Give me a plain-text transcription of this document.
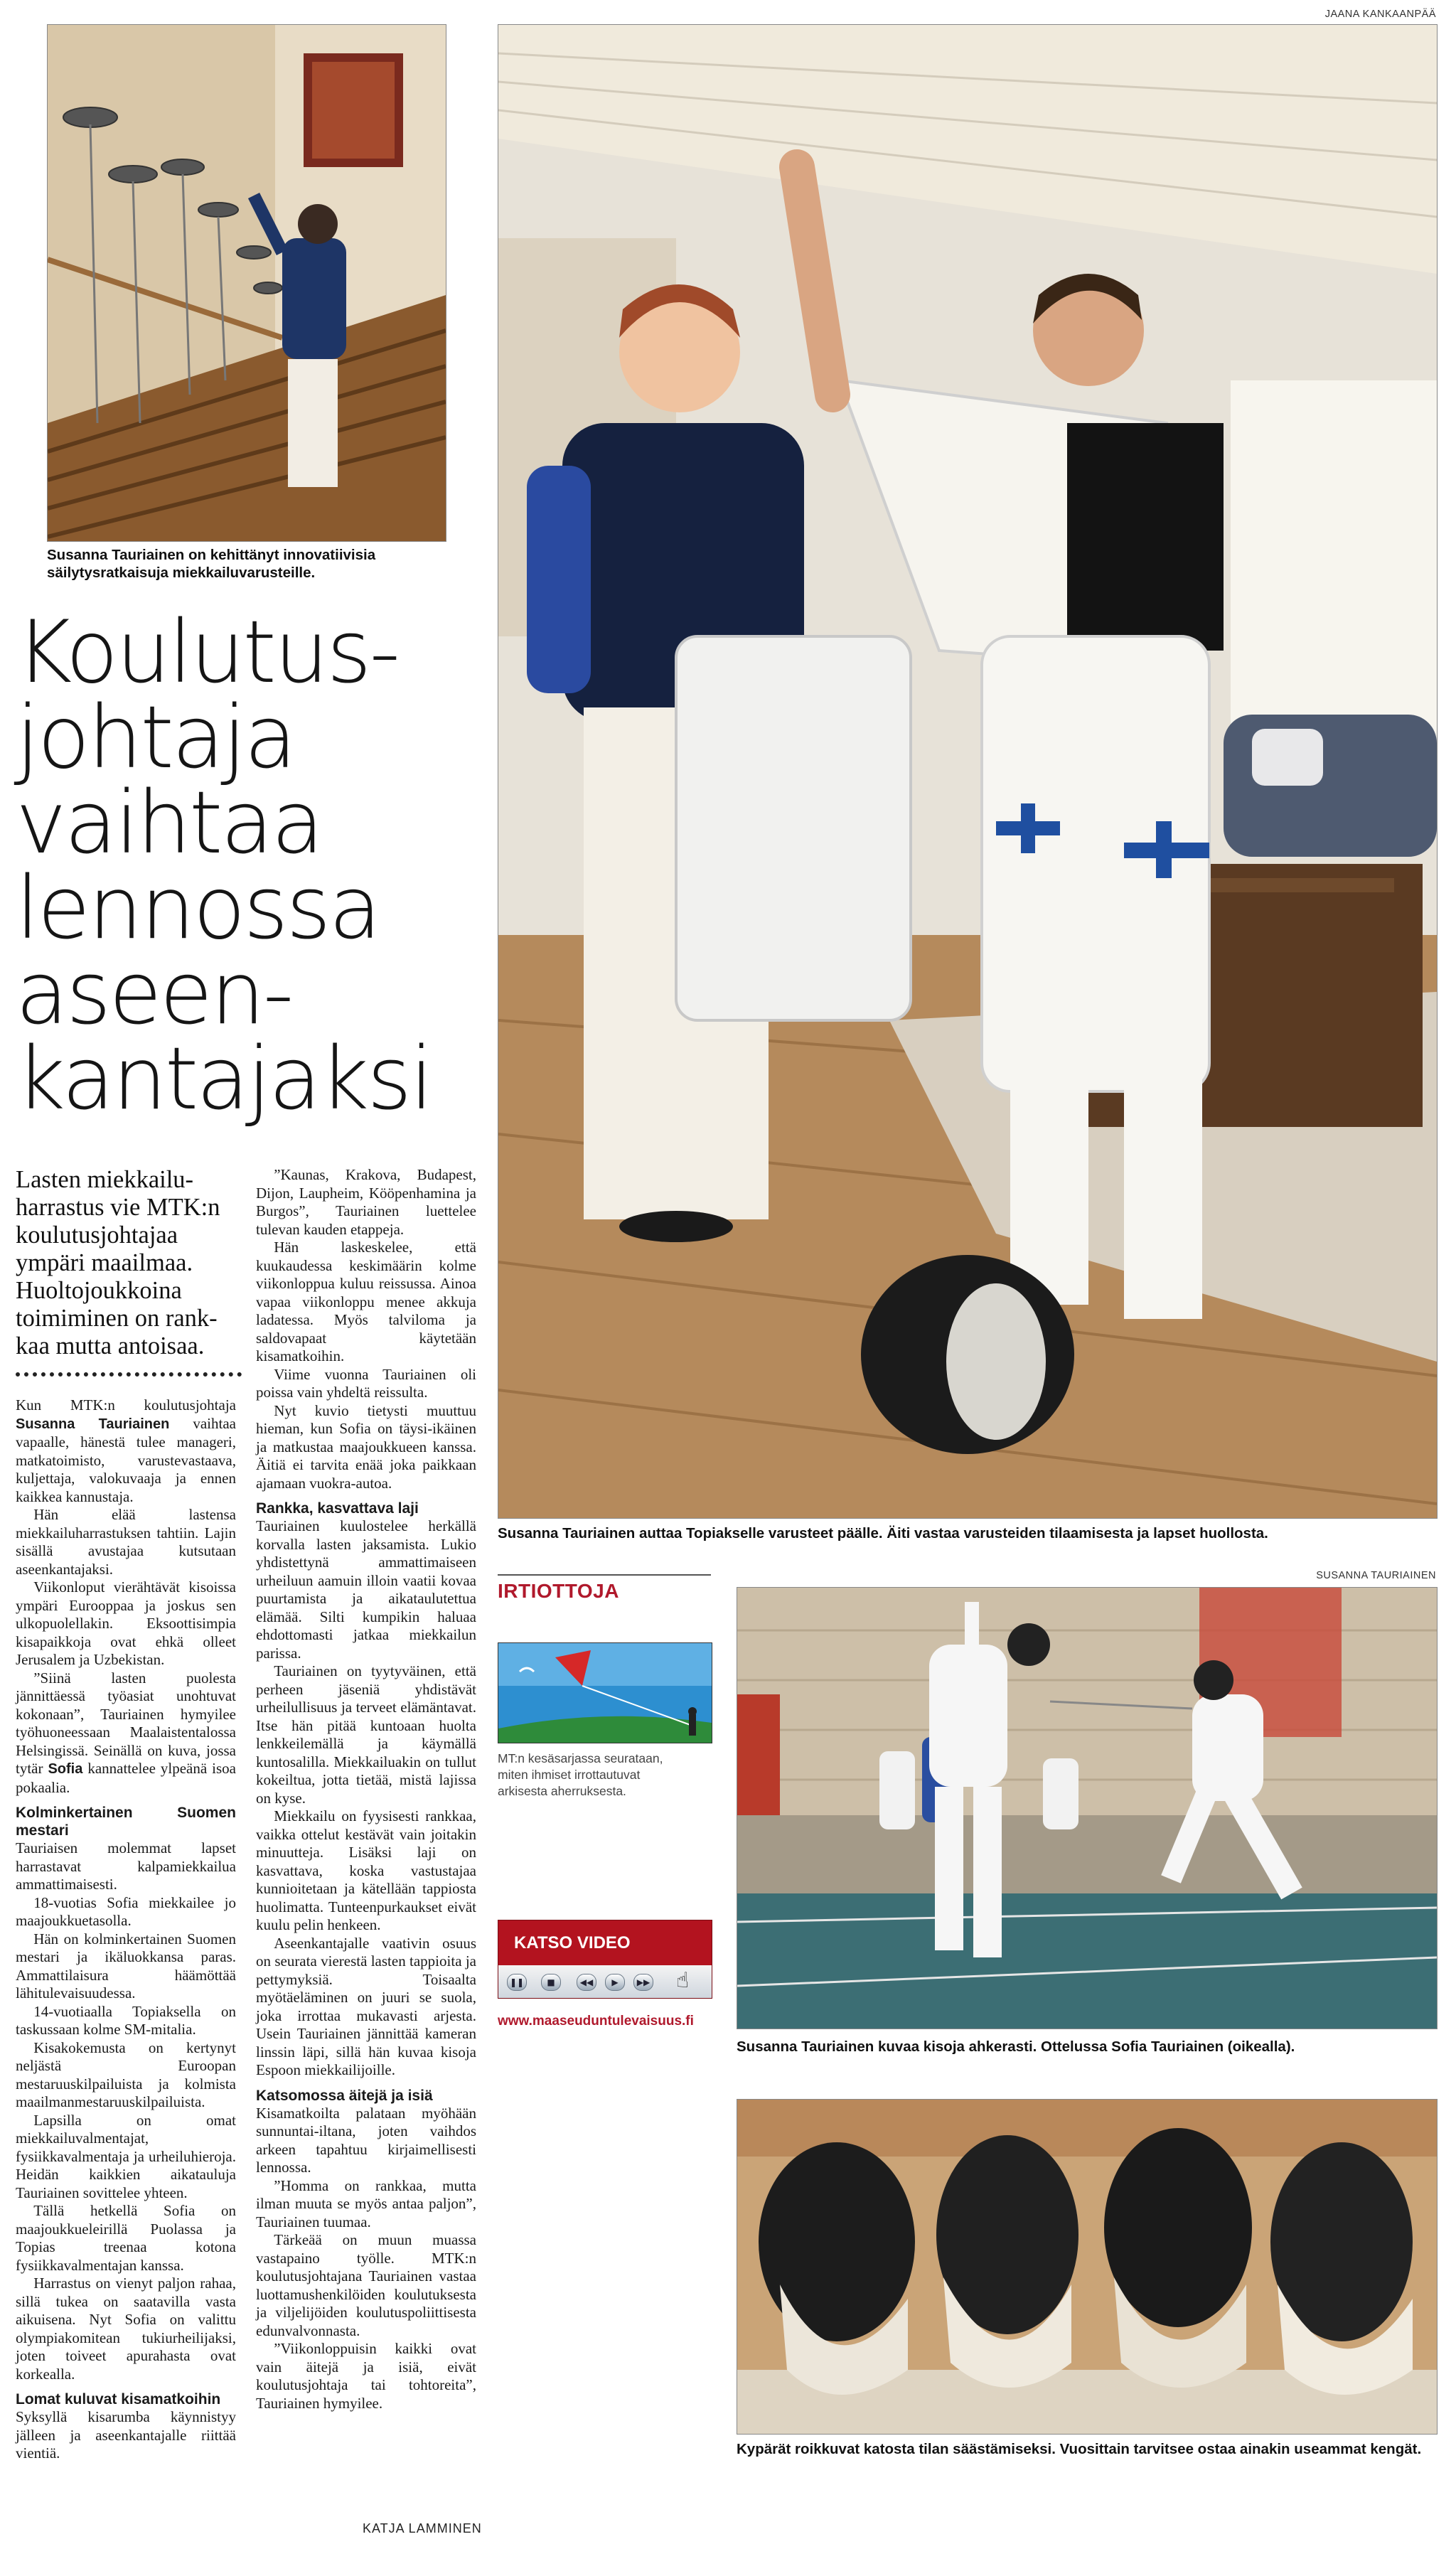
Susanna Tauriainen on kehittänyt innovatiivisia säilytysratkaisuja miekkailuvarusteille.
JAANA KANKAANPÄÄ
Susanna Tauriainen auttaa Topiakselle varusteet päälle. Äiti vastaa varusteiden tilaamisesta ja lapset huollosta.
Koulutus-
johtaja
vaihtaa
lennossa
aseen-
kantajaksi
Lasten miekkailu-
harrastus vie MTK:n
koulutusjohtajaa
ympäri maailmaa.
Huoltojoukkoina
toimiminen on rank-
kaa mutta antoisaa.

Kun MTK:n koulutusjohtaja Susanna Tauriainen vaihtaa vapaalle, hänestä tulee manageri, matkatoimisto, varustevastaava, kuljettaja, valokuvaaja ja ennen kaikkea kannustaja.

Hän elää lastensa miekkailuharrastuksen tahtiin. Lajin sisällä avustajaa kutsutaan aseenkantajaksi.

Viikonloput vierähtävät kisoissa ympäri Eurooppaa ja joskus sen ulkopuolellakin. Eksoottisimpia kisapaikkoja ovat ehkä olleet Jerusalem ja Uzbekistan.

”Siinä lasten puolesta jännittäessä työasiat unohtuvat kokonaan”, Tauriainen hymyilee työhuoneessaan Maalaistentalossa Helsingissä. Seinällä on kuva, jossa tytär Sofia kannattelee ylpeänä isoa pokaalia.

Kolminkertainen Suomen mestari

Tauriaisen molemmat lapset harrastavat kalpamiekkailua ammattimaisesti.

18-vuotias Sofia miekkailee jo maajoukkuetasolla.

Hän on kolminkertainen Suomen mestari ja ikäluokkansa paras. Ammattilaisura häämöttää lähitulevaisuudessa.

14-vuotiaalla Topiaksella on taskussaan kolme SM-mitalia.

Kisakokemusta on kertynyt neljästä Euroopan mestaruuskilpailuista ja kolmista maailmanmestaruuskilpailuista.

Lapsilla on omat miekkailuvalmentajat, fysiikkavalmentaja ja urheiluhieroja. Heidän kaikkien aikatauluja Tauriainen sovittelee yhteen.

Tällä hetkellä Sofia on maajoukkueleirillä Puolassa ja Topias treenaa kotona fysiikkavalmentajan kanssa.

Harrastus on vienyt paljon rahaa, sillä tukea on saatavilla vasta aikuisena. Nyt Sofia on valittu olympiakomitean tukiurheilijaksi, joten toiveet apurahasta ovat korkealla.

Lomat kuluvat kisamatkoihin

Syksyllä kisarumba käynnistyy jälleen ja aseenkantajalle riittää vientiä.

”Kaunas, Krakova, Budapest, Dijon, Laupheim, Kööpenhamina ja Burgos”, Tauriainen luettelee tulevan kauden etappeja.

Hän laskeskelee, että kuukaudessa keskimäärin kolme viikonloppua kuluu reissussa. Ainoa vapaa viikonloppu menee akkuja ladatessa. Myös talviloma ja saldovapaat käytetään kisamatkoihin.

Viime vuonna Tauriainen oli poissa vain yhdeltä reissulta.

Nyt kuvio tietysti muuttuu hieman, kun Sofia on täysi-ikäinen ja matkustaa maajoukkueen kanssa. Äitiä ei tarvita enää joka paikkaan ajamaan vuokra-autoa.

Rankka, kasvattava laji

Tauriainen kuulostelee herkällä korvalla lasten jaksamista. Lukio yhdistettynä ammattimaiseen urheiluun aamuin illoin vaatii kovaa puurtamista ja aikataulutettua elämää. Silti kumpikin haluaa ehdottomasti jatkaa miekkailun parissa.

Tauriainen on tyytyväinen, että perheen jäseniä yhdistävät urheilullisuus ja terveet elämäntavat. Itse hän pitää kuntoaan huolta lenkkeilemällä ja käymällä kuntosalilla. Miekkailuakin on tullut kokeiltua, jotta tietää, mistä lajissa on kyse.

Miekkailu on fyysisesti rankkaa, vaikka ottelut kestävät vain joitakin minuutteja. Lisäksi laji on kasvattava, koska vastustajaa kunnioitetaan ja kätellään tappiosta huolimatta. Tunteenpurkaukset eivät kuulu pelin henkeen.

Aseenkantajalle vaativin osuus on seurata vierestä lasten tappioita ja pettymyksiä. Toisaalta myötäeläminen on juuri se suola, joka irrottaa mukavasti arjesta. Usein Tauriainen jännittää kameran linssin läpi, sillä hän kuvaa kisoja Espoon miekkailijoille.

Katsomossa äitejä ja isiä

Kisamatkoilta palataan myöhään sunnuntai-iltana, joten vaihdos arkeen tapahtuu kirjaimellisesti lennossa.

”Homma on rankkaa, mutta ilman muuta se myös antaa paljon”, Tauriainen tuumaa.

Tärkeää on muun muassa vastapaino työlle. MTK:n koulutusjohtajana Tauriainen vastaa luottamushenkilöiden koulutuksesta ja viljelijöiden koulutuspoliittisesta edunvalvonnasta.

”Viikonloppuisin kaikki ovat vain äitejä ja isiä, eivät koulutusjohtaja tai tohtoreita”, Tauriainen hymyilee.

KATJA LAMMINEN
IRTIOTTOJA
MT:n kesäsarjassa seurataan,
miten ihmiset irrottautuvat
arkisesta aherruksesta.
KATSO VIDEO
❚❚	■	◀◀	▶	▶▶ ☝
www.maaseuduntulevaisuus.fi
SUSANNA TAURIAINEN
Susanna Tauriainen kuvaa kisoja ahkerasti. Ottelussa Sofia Tauriainen (oikealla).
Kypärät roikkuvat katosta tilan säästämiseksi. Vuosittain tarvitsee ostaa ainakin useammat kengät.
